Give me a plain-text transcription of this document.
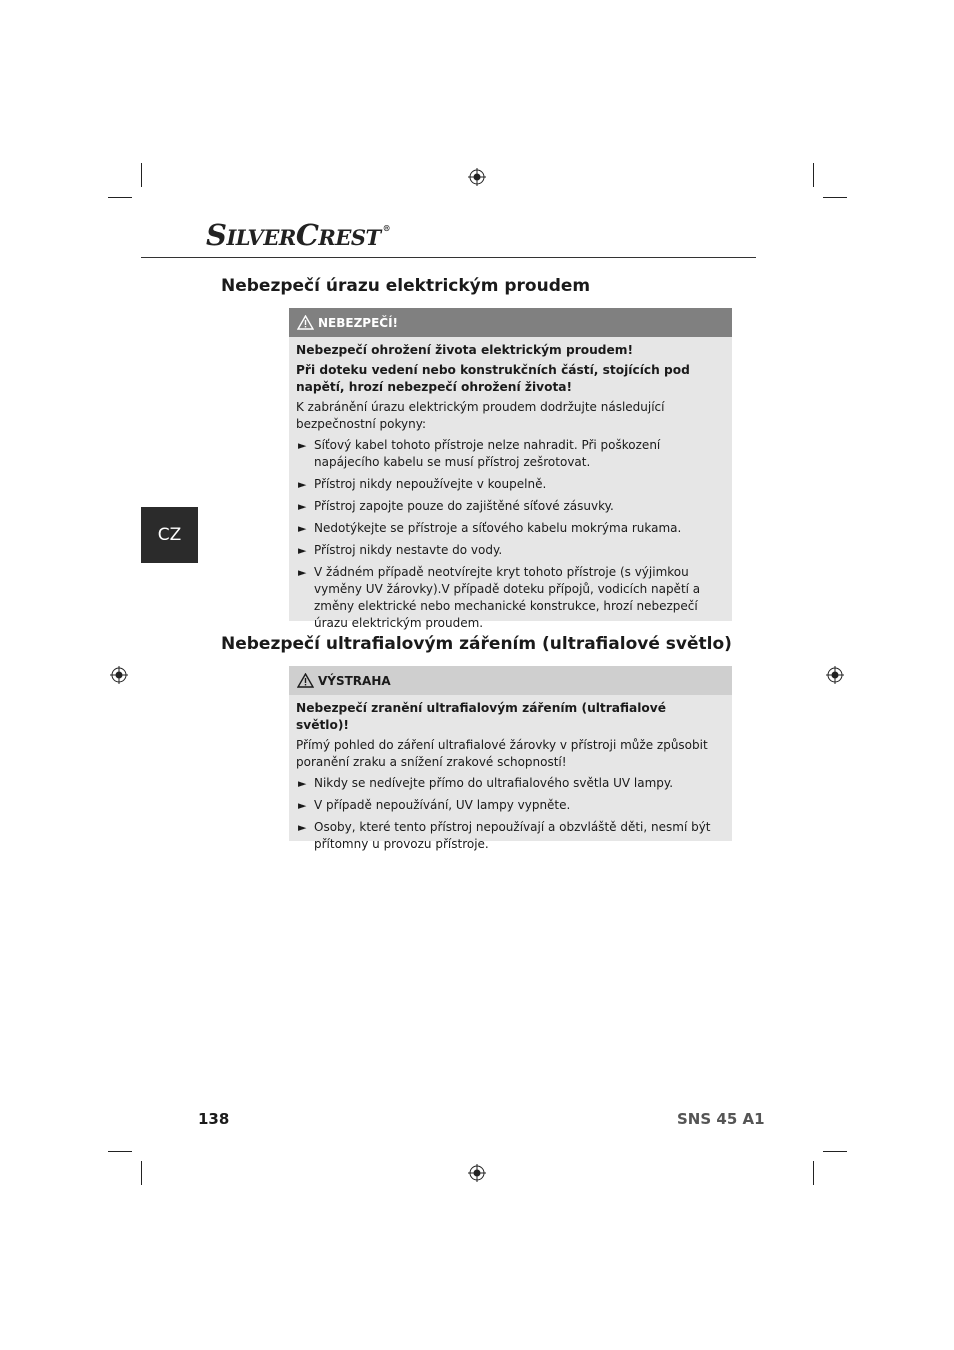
SILVERCREST ®
CZ
Nebezpečí úrazu elektrickým proudem
NEBEZPEČÍ!

Nebezpečí ohrožení života elektrickým proudem!

Při doteku vedení nebo konstrukčních částí, stojících pod napětí, hrozí nebezpečí ohrožení života!

K zabránění úrazu elektrickým proudem dodržujte následující bezpečnostní pokyny:

► Síťový kabel tohoto přístroje nelze nahradit. Při poškození napájecího kabelu se musí přístroj zešrotovat.
► Přístroj nikdy nepoužívejte v koupelně.
► Přístroj zapojte pouze do zajištěné síťové zásuvky.
► Nedotýkejte se přístroje a síťového kabelu mokrýma rukama.
► Přístroj nikdy nestavte do vody.
► V žádném případě neotvírejte kryt tohoto přístroje (s výjimkou vyměny UV žárovky).V případě doteku přípojů, vodicích napětí a změny elektrické nebo mechanické konstrukce, hrozí nebezpečí úrazu elektrickým proudem.
Nebezpečí ultrafialovým zářením (ultrafialové světlo)
VÝSTRAHA

Nebezpečí zranění ultrafialovým zářením (ultrafialové světlo)!

Přímý pohled do záření ultrafialové žárovky v přístroji může způsobit poranění zraku a snížení zrakové schopností!

► Nikdy se nedívejte přímo do ultrafialového světla UV lampy.
► V případě nepoužívání, UV lampy vypněte.
► Osoby, které tento přístroj nepoužívají a obzvláště děti, nesmí být přítomny u provozu přístroje.
138	SNS 45 A1
